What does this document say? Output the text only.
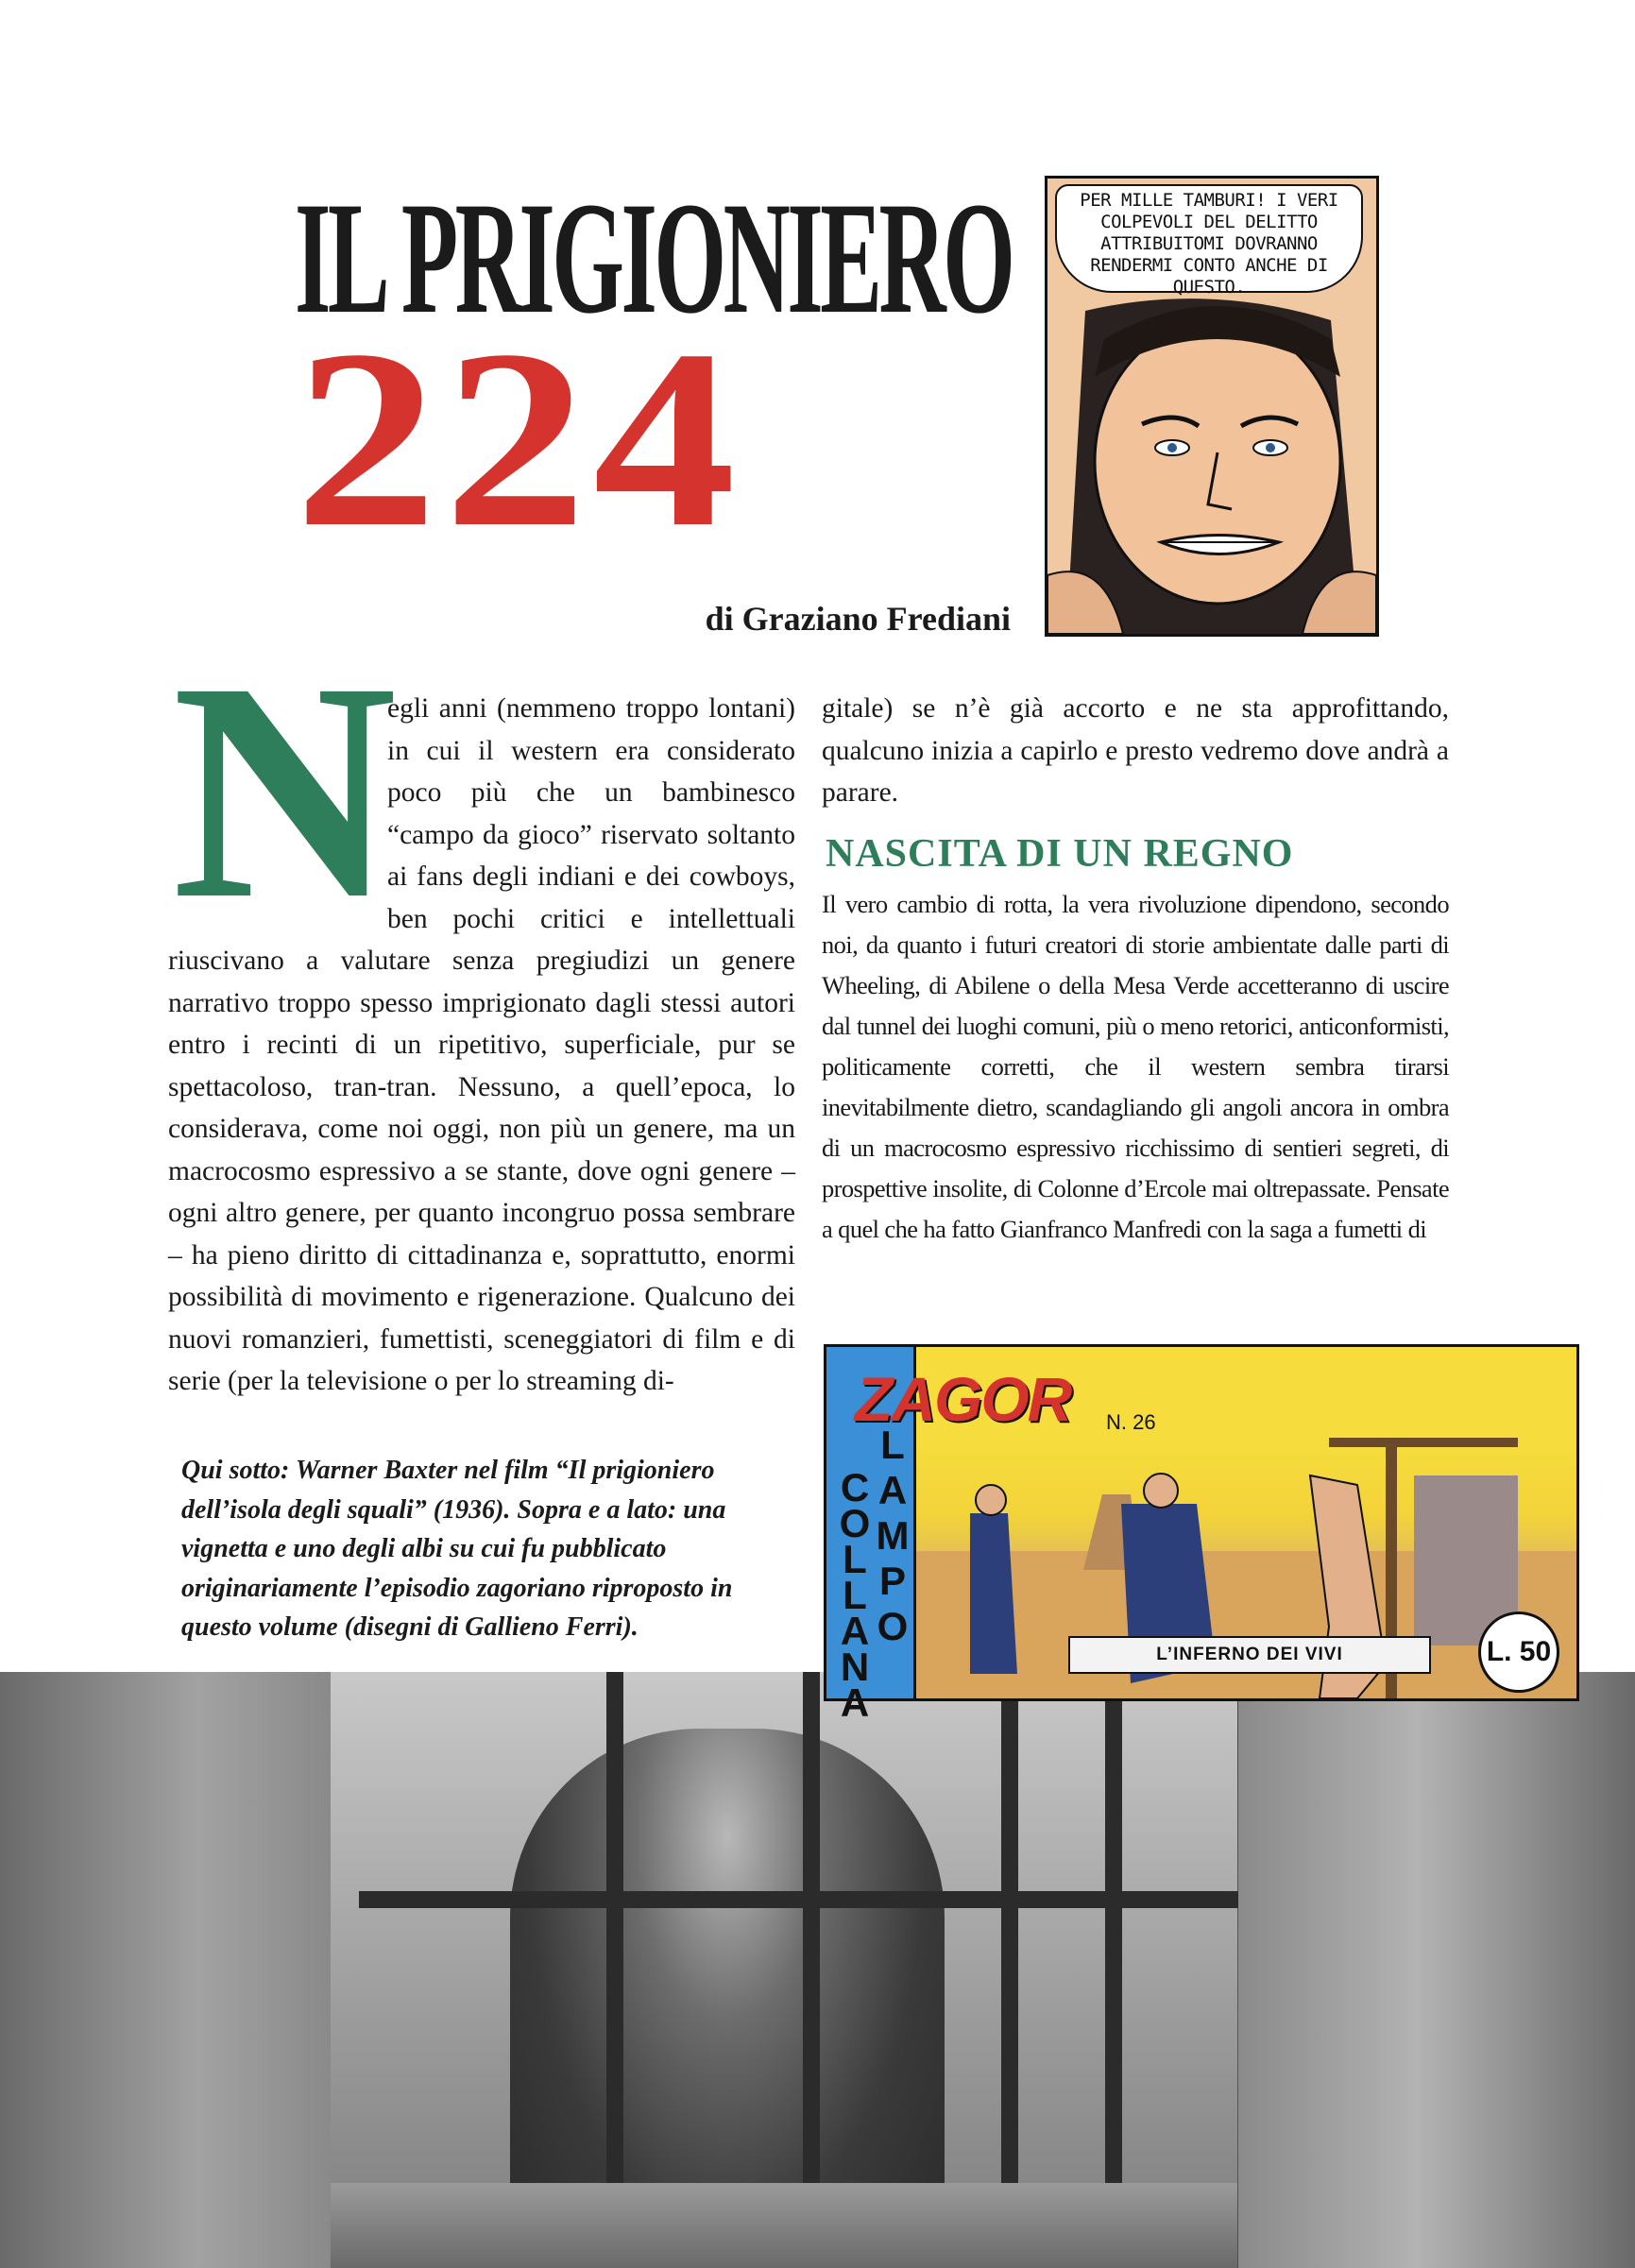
IL PRIGIONIERO
224
di Graziano Frediani
PER MILLE TAMBURI! I VERI COLPEVOLI DEL DELITTO ATTRIBUITOMI DOVRANNO RENDERMI CONTO ANCHE DI QUESTO.
N
egli anni (nemmeno troppo lontani) in cui il western era considerato poco più che un bambinesco “campo da gioco” riservato soltanto ai fans degli indiani e dei cowboys, ben pochi critici e intellettuali riuscivano a valutare senza pregiudizi un genere narrativo troppo spesso imprigionato dagli stessi autori entro i recinti di un ripetitivo, superficiale, pur se spettacoloso, tran-tran. Nessuno, a quell’epoca, lo considerava, come noi oggi, non più un genere, ma un macrocosmo espressivo a se stante, dove ogni genere – ogni altro genere, per quanto incongruo possa sembrare – ha pieno diritto di cittadinanza e, soprattutto, enormi possibilità di movimento e rigenerazione. Qualcuno dei nuovi romanzieri, fumettisti, sceneggiatori di film e di serie (per la televisione o per lo streaming di-
gitale) se n’è già accorto e ne sta approfittando, qualcuno inizia a capirlo e presto vedremo dove andrà a parare.
NASCITA DI UN REGNO
Il vero cambio di rotta, la vera rivoluzione dipendono, secondo noi, da quanto i futuri creatori di storie ambientate dalle parti di Wheeling, di Abilene o della Mesa Verde accetteranno di uscire dal tunnel dei luoghi comuni, più o meno retorici, anticonformisti, politicamente corretti, che il western sembra tirarsi inevitabilmente dietro, scandagliando gli angoli ancora in ombra di un macrocosmo espressivo ricchissimo di sentieri segreti, di prospettive insolite, di Colonne d’Ercole mai oltrepassate. Pensate a quel che ha fatto Gianfranco Manfredi con la saga a fumetti di
Qui sotto: Warner Baxter nel film “Il prigioniero dell’isola degli squali” (1936). Sopra e a lato: una vignetta e uno degli albi su cui fu pubblicato originariamente l’episodio zagoriano riproposto in questo volume (disegni di Gallieno Ferri).
ZAGOR
COLLANA
LAMPO
N. 26
L’INFERNO DEI VIVI	L. 50
